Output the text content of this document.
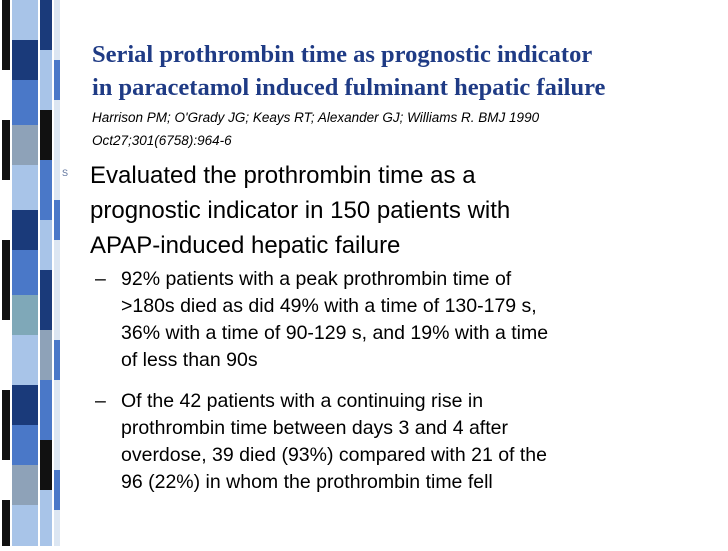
Serial prothrombin time as prognostic indicator
in paracetamol induced fulminant hepatic failure
Harrison PM; O'Grady JG; Keays RT; Alexander GJ; Williams R. BMJ 1990
Oct27;301(6758):964-6
S Evaluated the prothrombin time as a
prognostic indicator in 150 patients with
APAP-induced hepatic failure
– 92% patients with a peak prothrombin time of
>180s died as did 49% with a time of 130-179 s,
36% with a time of 90-129 s, and 19% with a time
of less than 90s
– Of the 42 patients with a continuing rise in
prothrombin time between days 3 and 4 after
overdose, 39 died (93%) compared with 21 of the
96 (22%) in whom the prothrombin time fell
